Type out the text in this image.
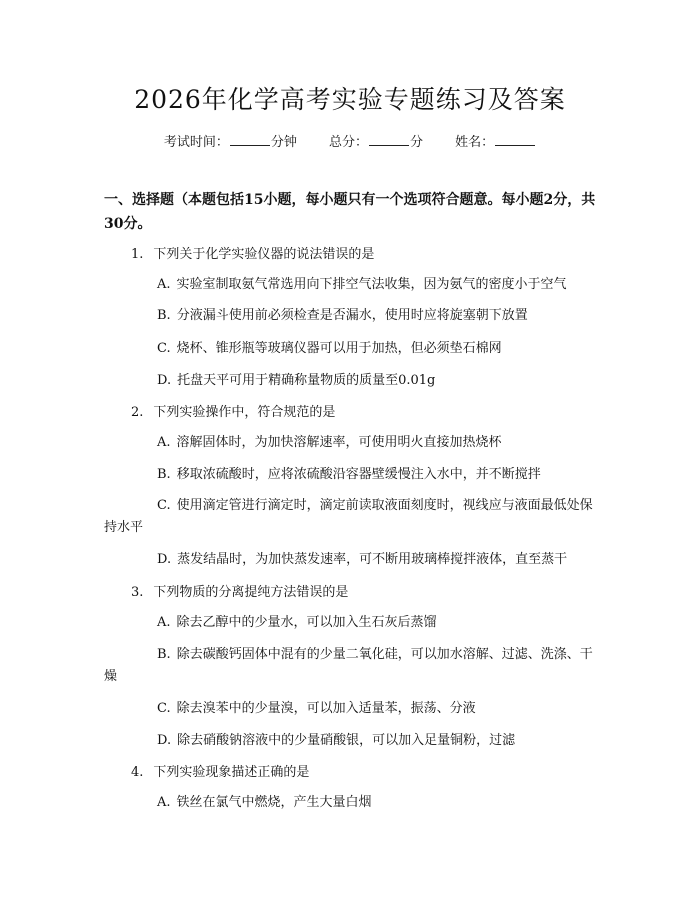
2026年化学高考实验专题练习及答案
考试时间：	分钟 总分：	分 姓名：
一、选择题（本题包括15小题，每小题只有一个选项符合题意。每小题2分，共30分。
1. 下列关于化学实验仪器的说法错误的是
A. 实验室制取氨气常选用向下排空气法收集，因为氨气的密度小于空气
B. 分液漏斗使用前必须检查是否漏水，使用时应将旋塞朝下放置
C. 烧杯、锥形瓶等玻璃仪器可以用于加热，但必须垫石棉网
D. 托盘天平可用于精确称量物质的质量至0.01g
2. 下列实验操作中，符合规范的是
A. 溶解固体时，为加快溶解速率，可使用明火直接加热烧杯
B. 移取浓硫酸时，应将浓硫酸沿容器壁缓慢注入水中，并不断搅拌
C. 使用滴定管进行滴定时，滴定前读取液面刻度时，视线应与液面最低处保持水平
D. 蒸发结晶时，为加快蒸发速率，可不断用玻璃棒搅拌液体，直至蒸干
3. 下列物质的分离提纯方法错误的是
A. 除去乙醇中的少量水，可以加入生石灰后蒸馏
B. 除去碳酸钙固体中混有的少量二氧化硅，可以加水溶解、过滤、洗涤、干燥
C. 除去溴苯中的少量溴，可以加入适量苯，振荡、分液
D. 除去硝酸钠溶液中的少量硝酸银，可以加入足量铜粉，过滤
4. 下列实验现象描述正确的是
A. 铁丝在氯气中燃烧，产生大量白烟
